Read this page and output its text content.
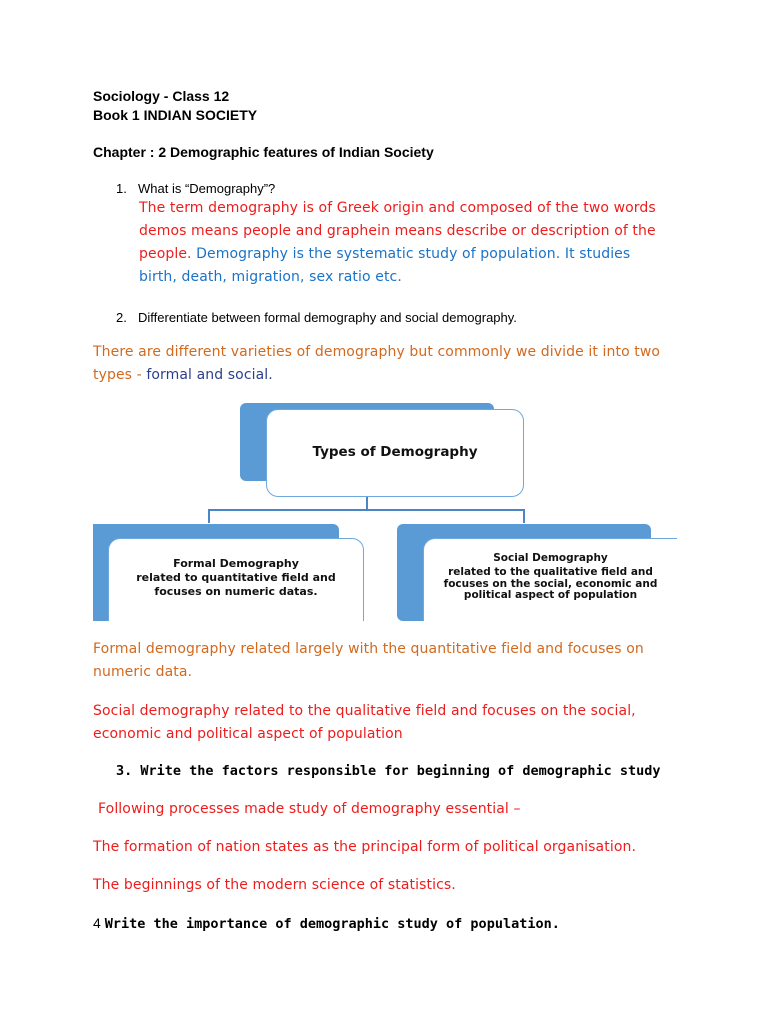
Sociology - Class 12
Book 1 INDIAN SOCIETY
Chapter : 2 Demographic features of Indian Society
1. What is “Demography”?
The term demography is of Greek origin and composed of the two words demos means people and graphein means describe or description of the people. Demography is the systematic study of population. It studies birth, death, migration, sex ratio etc.
2. Differentiate between formal demography and social demography.
There are different varieties of demography but commonly we divide it into two types - formal and social.
Types of Demography
Formal Demography
related to quantitative field and focuses on numeric datas.
Social Demography
related to the qualitative field and focuses on the social, economic and political aspect of population
Formal demography related largely with the quantitative field and focuses on numeric data.
Social demography related to the qualitative field and focuses on the social, economic and political aspect of population
3. Write the factors responsible for beginning of demographic study
Following processes made study of demography essential –
The formation of nation states as the principal form of political organisation.
The beginnings of the modern science of statistics.
4 Write the importance of demographic study of population.
